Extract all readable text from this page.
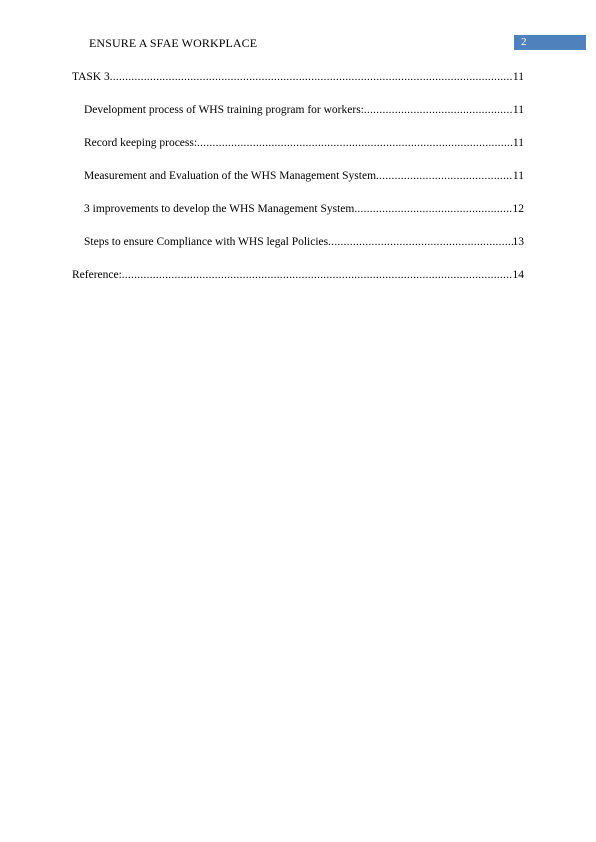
ENSURE A SFAE WORKPLACE	2
TASK 3 .....	11
Development process of WHS training program for workers: .....	11
Record keeping process: .....	11
Measurement and Evaluation of the WHS Management System .....	11
3 improvements to develop the WHS Management System .....	12
Steps to ensure Compliance with WHS legal Policies .....	13
Reference: .....	14
